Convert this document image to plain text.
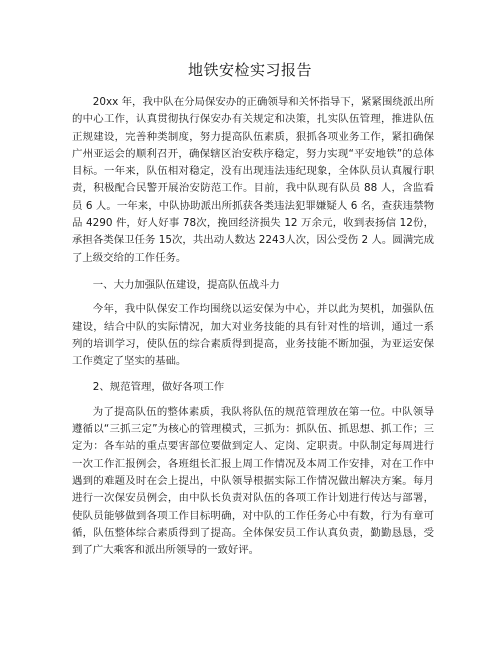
地铁安检实习报告

20xx 年，我中队在分局保安办的正确领导和关怀指导下，紧紧围绕派出所的中心工作，认真贯彻执行保安办有关规定和决策，扎实队伍管理，推进队伍正规建设，完善种类制度，努力提高队伍素质，狠抓各项业务工作，紧扣确保广州亚运会的顺利召开，确保辖区治安秩序稳定，努力实现“平安地铁”的总体目标。一年来，队伍相对稳定，没有出现违法违纪现象，全体队员认真履行职责，积极配合民警开展治安防范工作。目前，我中队现有队员 88 人，含监看员 6 人。一年来，中队协助派出所抓获各类违法犯罪嫌疑人 6 名，查获违禁物品 4290 件，好人好事 78次，挽回经济损失 12 万余元，收到表扬信 12份，承担各类保卫任务 15次，共出动人数达 2243人次，因公受伤 2 人。圆满完成了上级交给的工作任务。

一、大力加强队伍建设，提高队伍战斗力

今年，我中队保安工作均围绕以运安保为中心，并以此为契机，加强队伍建设，结合中队的实际情况，加大对业务技能的具有针对性的培训，通过一系列的培训学习，使队伍的综合素质得到提高，业务技能不断加强，为亚运安保工作奠定了坚实的基础。

2、规范管理，做好各项工作

为了提高队伍的整体素质，我队将队伍的规范管理放在第一位。中队领导遵循以“三抓三定”为核心的管理模式，三抓为：抓队伍、抓思想、抓工作；三定为：各车站的重点要害部位要做到定人、定岗、定职责。中队制定每周进行一次工作汇报例会，各班组长汇报上周工作情况及本周工作安排，对在工作中遇到的难题及时在会上提出，中队领导根据实际工作情况做出解决方案。每月进行一次保安员例会，由中队长负责对队伍的各项工作计划进行传达与部署，使队员能够做到各项工作目标明确，对中队的工作任务心中有数，行为有章可循，队伍整体综合素质得到了提高。全体保安员工作认真负责，勤勤恳恳，受到了广大乘客和派出所领导的一致好评。
